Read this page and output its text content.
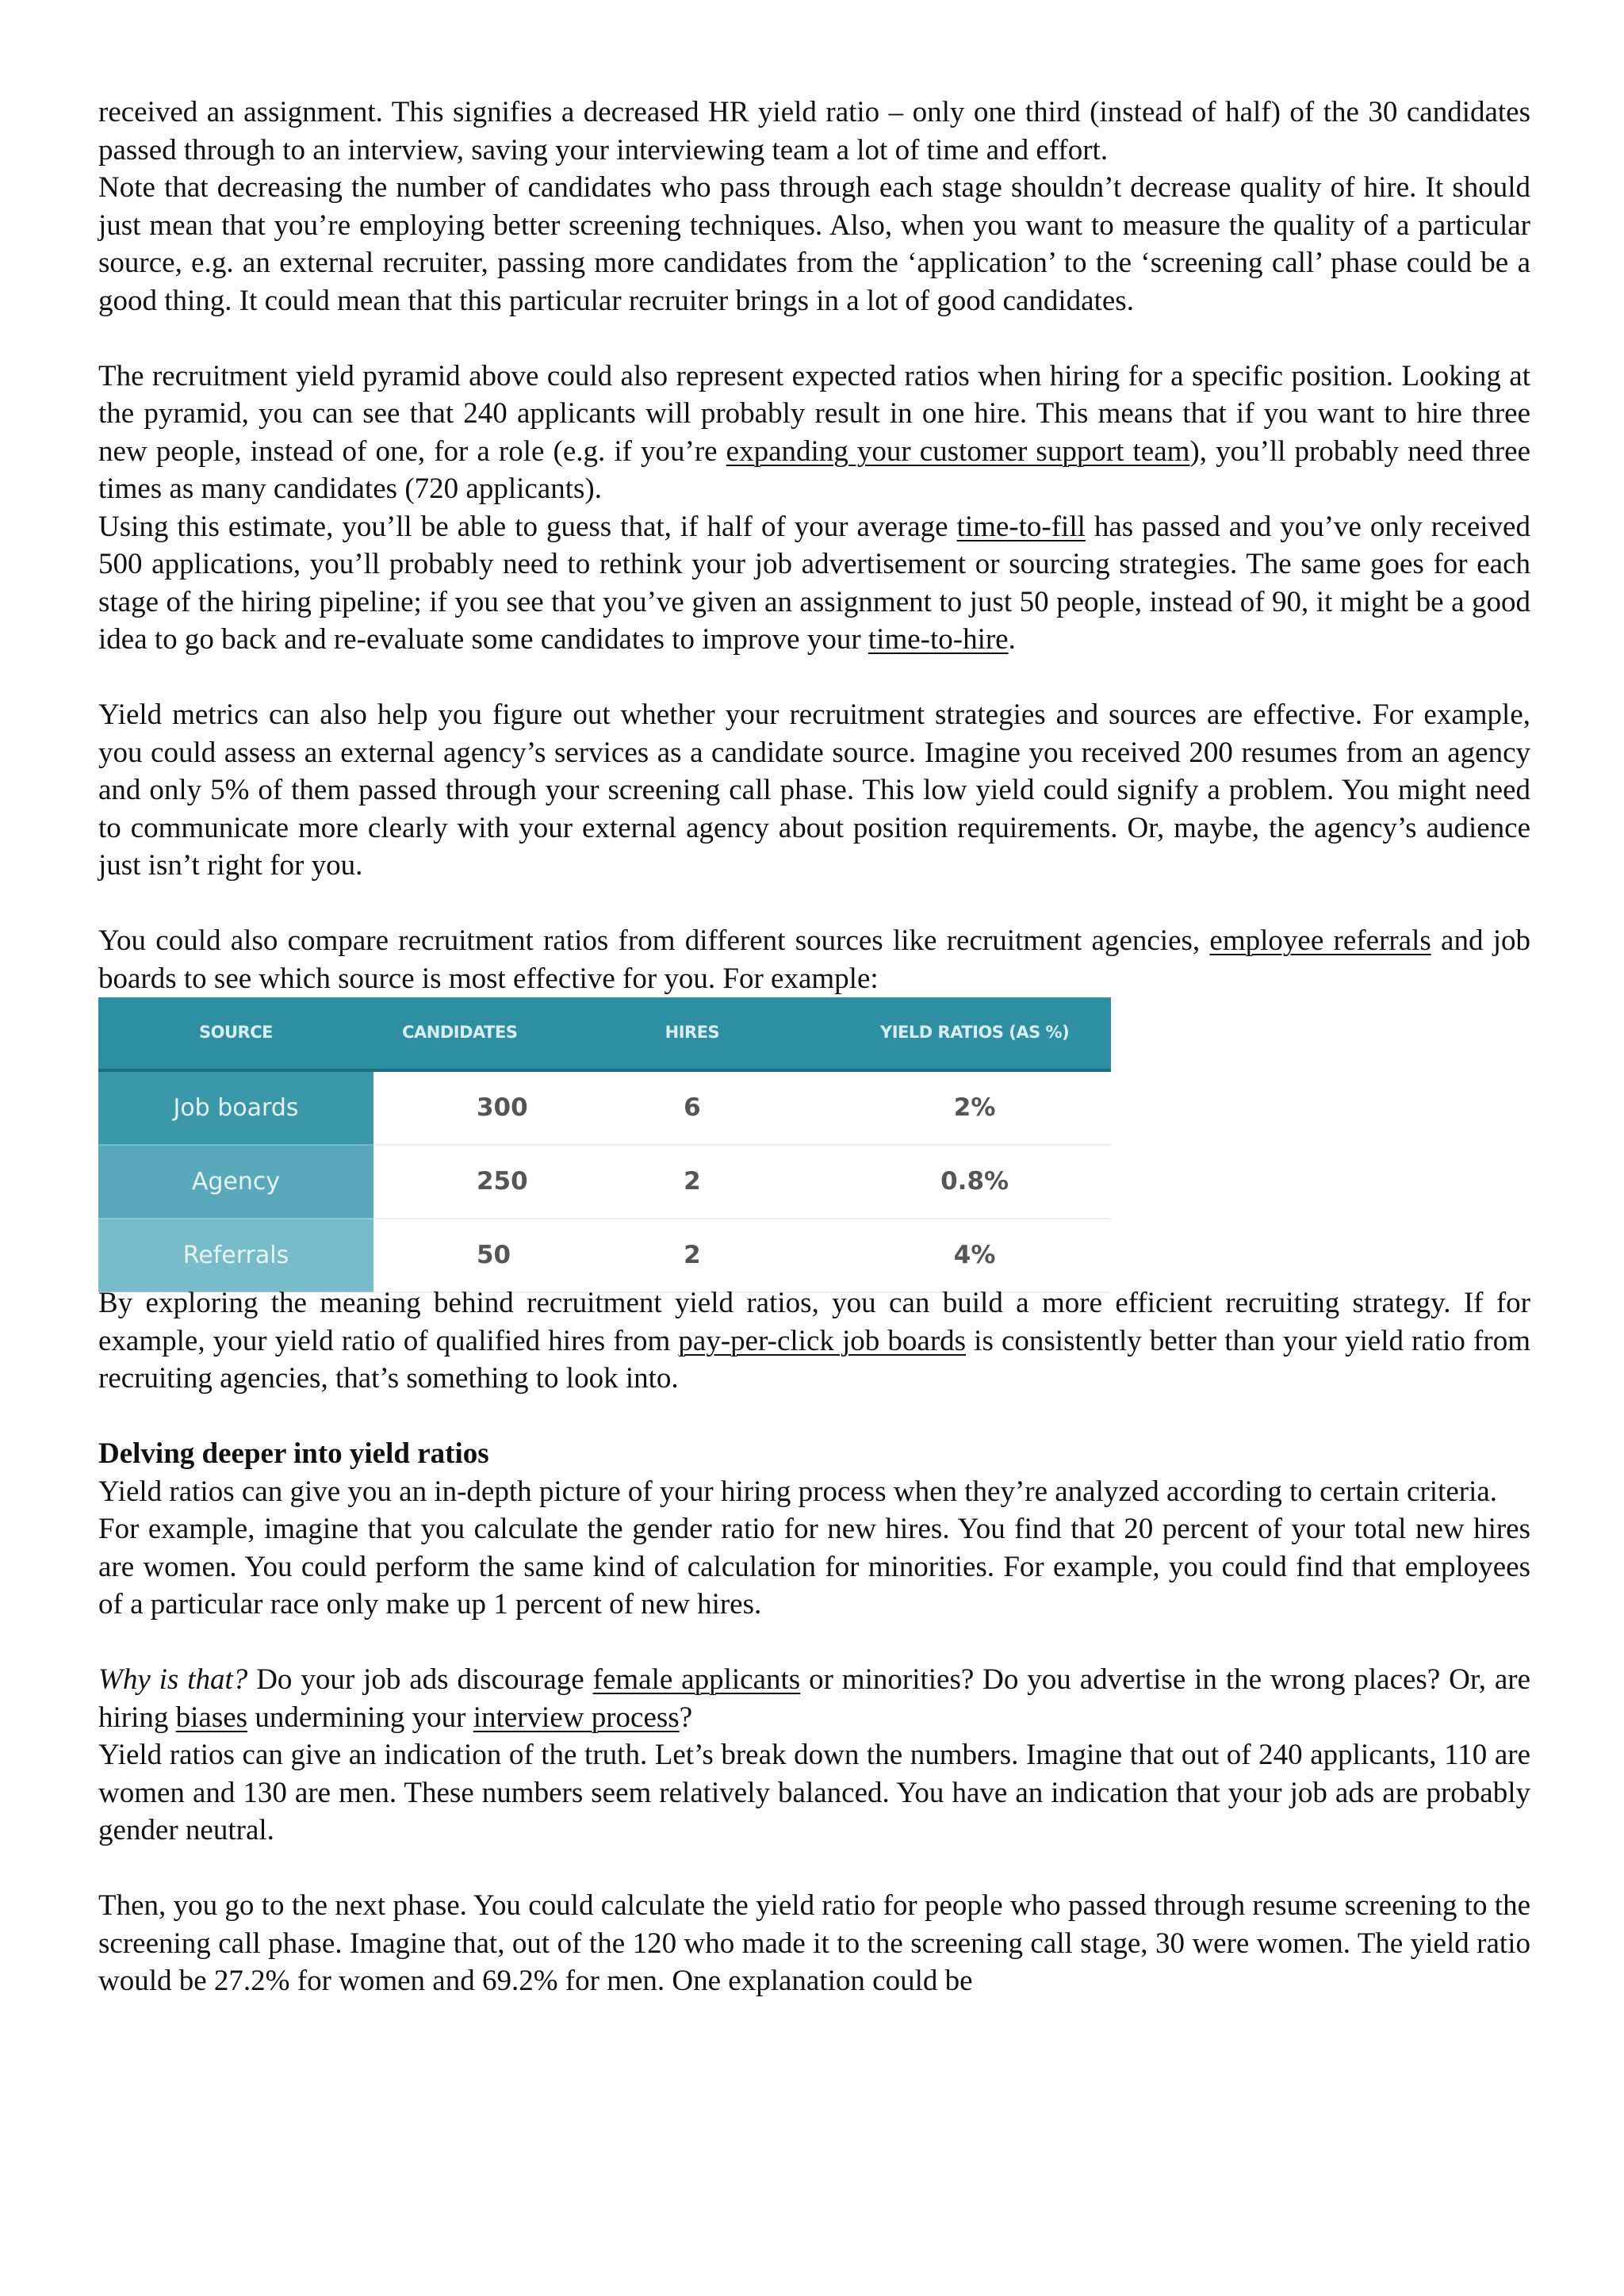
received an assignment. This signifies a decreased HR yield ratio – only one third (instead of half) of the 30 candidates passed through to an interview, saving your interviewing team a lot of time and effort.

Note that decreasing the number of candidates who pass through each stage shouldn’t decrease quality of hire. It should just mean that you’re employing better screening techniques. Also, when you want to measure the quality of a particular source, e.g. an external recruiter, passing more candidates from the ‘application’ to the ‘screening call’ phase could be a good thing. It could mean that this particular recruiter brings in a lot of good candidates.

The recruitment yield pyramid above could also represent expected ratios when hiring for a specific position. Looking at the pyramid, you can see that 240 applicants will probably result in one hire. This means that if you want to hire three new people, instead of one, for a role (e.g. if you’re expanding your customer support team), you’ll probably need three times as many candidates (720 applicants).

Using this estimate, you’ll be able to guess that, if half of your average time-to-fill has passed and you’ve only received 500 applications, you’ll probably need to rethink your job advertisement or sourcing strategies. The same goes for each stage of the hiring pipeline; if you see that you’ve given an assignment to just 50 people, instead of 90, it might be a good idea to go back and re-evaluate some candidates to improve your time-to-hire.

Yield metrics can also help you figure out whether your recruitment strategies and sources are effective. For example, you could assess an external agency’s services as a candidate source. Imagine you received 200 resumes from an agency and only 5% of them passed through your screening call phase. This low yield could signify a problem. You might need to communicate more clearly with your external agency about position requirements. Or, maybe, the agency’s audience just isn’t right for you.

You could also compare recruitment ratios from different sources like recruitment agencies, employee referrals and job boards to see which source is most effective for you. For example:

SOURCE	CANDIDATES	HIRES	YIELD RATIOS (AS %)
Job boards	300	6	2%
Agency	250	2	0.8%
Referrals	50	2	4%

By exploring the meaning behind recruitment yield ratios, you can build a more efficient recruiting strategy. If for example, your yield ratio of qualified hires from pay-per-click job boards is consistently better than your yield ratio from recruiting agencies, that’s something to look into.

Delving deeper into yield ratios

Yield ratios can give you an in-depth picture of your hiring process when they’re analyzed according to certain criteria.

For example, imagine that you calculate the gender ratio for new hires. You find that 20 percent of your total new hires are women. You could perform the same kind of calculation for minorities. For example, you could find that employees of a particular race only make up 1 percent of new hires.

Why is that? Do your job ads discourage female applicants or minorities? Do you advertise in the wrong places? Or, are hiring biases undermining your interview process?

Yield ratios can give an indication of the truth. Let’s break down the numbers. Imagine that out of 240 applicants, 110 are women and 130 are men. These numbers seem relatively balanced. You have an indication that your job ads are probably gender neutral.

Then, you go to the next phase. You could calculate the yield ratio for people who passed through resume screening to the screening call phase. Imagine that, out of the 120 who made it to the screening call stage, 30 were women. The yield ratio would be 27.2% for women and 69.2% for men. One explanation could be
